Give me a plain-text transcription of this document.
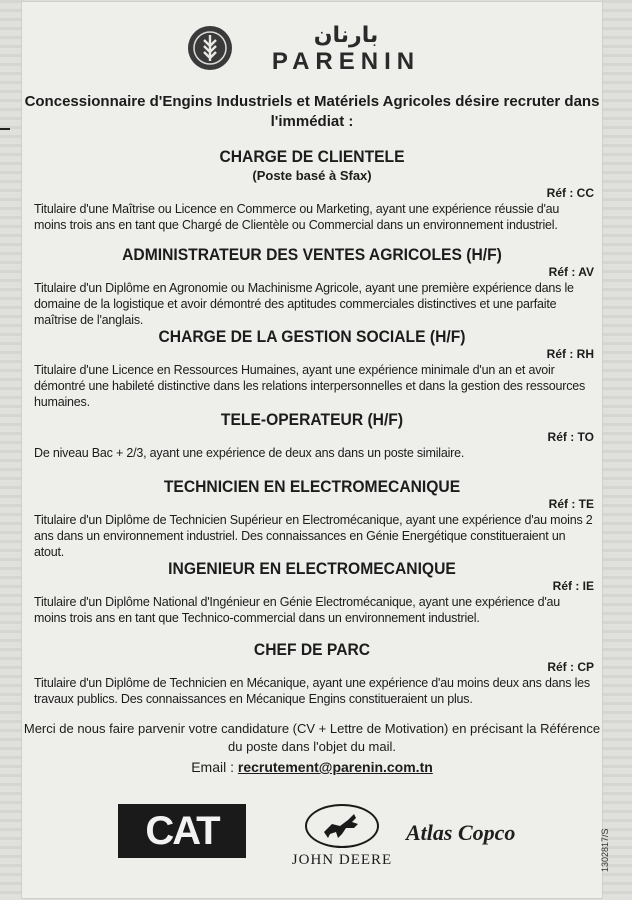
بارنان
PARENIN
Concessionnaire d'Engins Industriels et Matériels Agricoles désire recruter dans l'immédiat :
CHARGE DE CLIENTELE
(Poste basé à Sfax)
Réf : CC
Titulaire d'une Maîtrise ou Licence en Commerce ou Marketing, ayant une expérience réussie d'au moins trois ans en tant que Chargé de Clientèle ou Commercial dans un environnement industriel.
ADMINISTRATEUR DES VENTES AGRICOLES (H/F)
Réf : AV
Titulaire d'un Diplôme en Agronomie ou Machinisme Agricole, ayant une première expérience dans le domaine de la logistique et avoir démontré des aptitudes commerciales distinctives et une parfaite maîtrise de l'anglais.
CHARGE DE LA GESTION SOCIALE (H/F)
Réf : RH
Titulaire d'une Licence en Ressources Humaines, ayant une expérience minimale d'un an et avoir démontré une habileté distinctive dans les relations interpersonnelles et dans la gestion des ressources humaines.
TELE-OPERATEUR (H/F)
Réf : TO
De niveau Bac + 2/3, ayant une expérience de deux ans dans un poste similaire.
TECHNICIEN EN ELECTROMECANIQUE
Réf : TE
Titulaire d'un Diplôme de Technicien Supérieur en Electromécanique, ayant une expérience d'au moins 2 ans dans un environnement industriel. Des connaissances en Génie Energétique constitueraient un atout.
INGENIEUR EN ELECTROMECANIQUE
Réf : IE
Titulaire d'un Diplôme National d'Ingénieur en Génie Electromécanique, ayant une expérience d'au moins trois ans en tant que Technico-commercial dans un environnement industriel.
CHEF DE PARC
Réf : CP
Titulaire d'un Diplôme de Technicien en Mécanique, ayant une expérience d'au moins deux ans dans les travaux publics. Des connaissances en Mécanique Engins constitueraient un plus.
Merci de nous faire parvenir votre candidature (CV + Lettre de Motivation) en précisant la Référence du poste dans l'objet du mail.
Email : recrutement@parenin.com.tn
CAT
JOHN DEERE
Atlas Copco	1302817/S
